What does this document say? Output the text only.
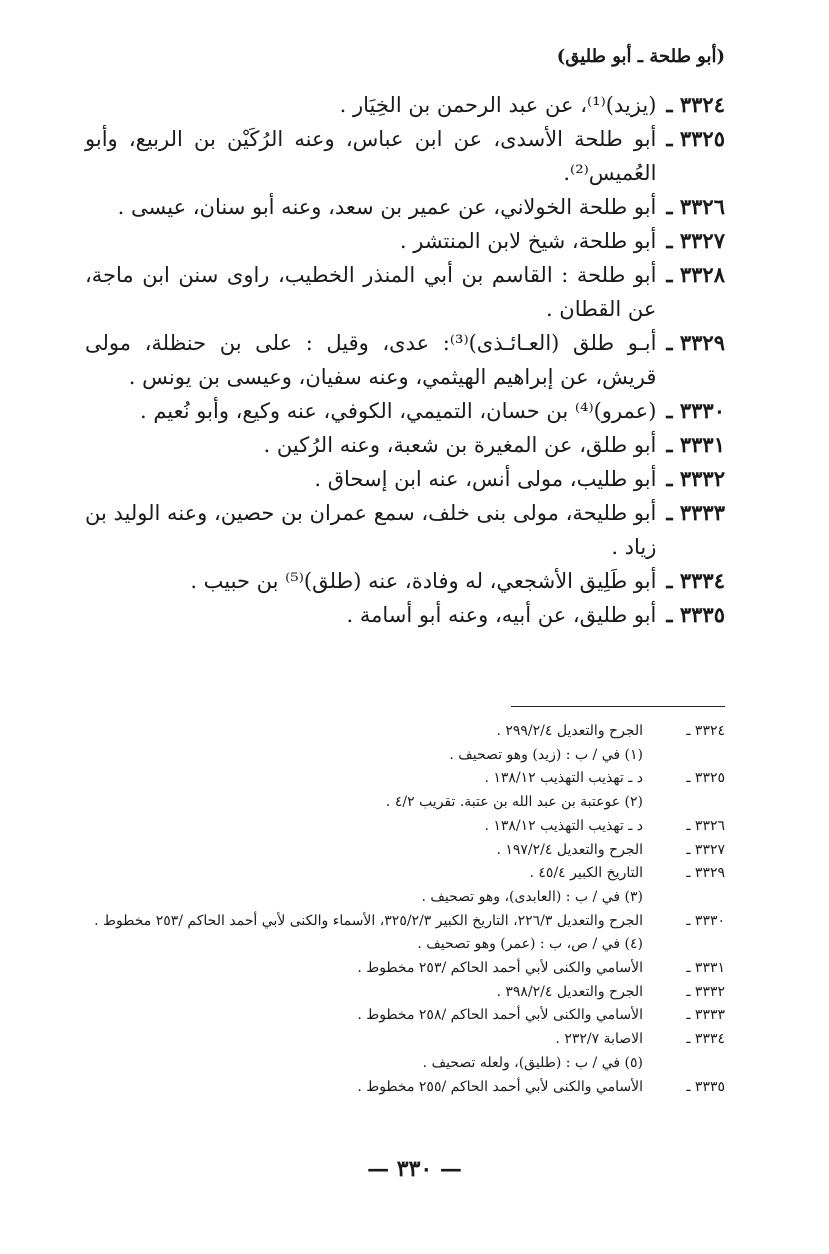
(أبو طلحة ـ أبو طليق)
٣٣٢٤ ـ
(يزيد)⁽¹⁾، عن عبد الرحمن بن الخِيَار .
٣٣٢٥ ـ
أبو طلحة الأسدى، عن ابن عباس، وعنه الرُكَيْن بن الربيع، وأبو العُميس⁽²⁾.
٣٣٢٦ ـ
أبو طلحة الخولاني، عن عمير بن سعد، وعنه أبو سنان، عيسى .
٣٣٢٧ ـ
أبو طلحة، شيخ لابن المنتشر .
٣٣٢٨ ـ
أبو طلحة : القاسم بن أبي المنذر الخطيب، راوى سنن ابن ماجة، عن القطان .
٣٣٢٩ ـ
أبـو طلق (العـائـذى)⁽³⁾: عدى، وقيل : على بن حنظلة، مولى قريش، عن إبراهيم الهيثمي، وعنه سفيان، وعيسى بن يونس .
٣٣٣٠ ـ
(عمرو)⁽⁴⁾ بن حسان، التميمي، الكوفي، عنه وكيع، وأبو نُعيم .
٣٣٣١ ـ
أبو طلق، عن المغيرة بن شعبة، وعنه الرُكين .
٣٣٣٢ ـ
أبو طليب، مولى أنس، عنه ابن إسحاق .
٣٣٣٣ ـ
أبو طليحة، مولى بنى خلف، سمع عمران بن حصين، وعنه الوليد بن زياد .
٣٣٣٤ ـ
أبو طَلِيق الأشجعي، له وفادة، عنه (طلق)⁽⁵⁾ بن حبيب .
٣٣٣٥ ـ
أبو طليق، عن أبيه، وعنه أبو أسامة .
٣٣٢٤ ـ
الجرح والتعديل ٢٩٩/٢/٤ .
(١) في / ب : (زيد) وهو تصحيف .
٣٣٢٥ ـ
د ـ تهذيب التهذيب ١٣٨/١٢ .
(٢) عوعتبة بن عبد الله بن عتبة. تقريب ٤/٢ .
٣٣٢٦ ـ
د ـ تهذيب التهذيب ١٣٨/١٢ .
٣٣٢٧ ـ
الجرح والتعديل ١٩٧/٢/٤ .
٣٣٢٩ ـ
التاريخ الكبير ٤٥/٤ .
(٣) في / ب : (العابدى)، وهو تصحيف .
٣٣٣٠ ـ
الجرح والتعديل ٢٢٦/٣، التاريخ الكبير ٣٢٥/٢/٣، الأسماء والكنى لأبي أحمد الحاكم /٢٥٣ مخطوط .
(٤) في / ص، ب : (عمر) وهو تصحيف .
٣٣٣١ ـ
الأسامي والكنى لأبي أحمد الحاكم /٢٥٣ مخطوط .
٣٣٣٢ ـ
الجرح والتعديل ٣٩٨/٢/٤ .
٣٣٣٣ ـ
الأسامي والكنى لأبي أحمد الحاكم /٢٥٨ مخطوط .
٣٣٣٤ ـ
الاصابة ٢٣٢/٧ .
(٥) في / ب : (طليق)، ولعله تصحيف .
٣٣٣٥ ـ
الأسامي والكنى لأبي أحمد الحاكم /٢٥٥ مخطوط .
— ٣٣٠ —
